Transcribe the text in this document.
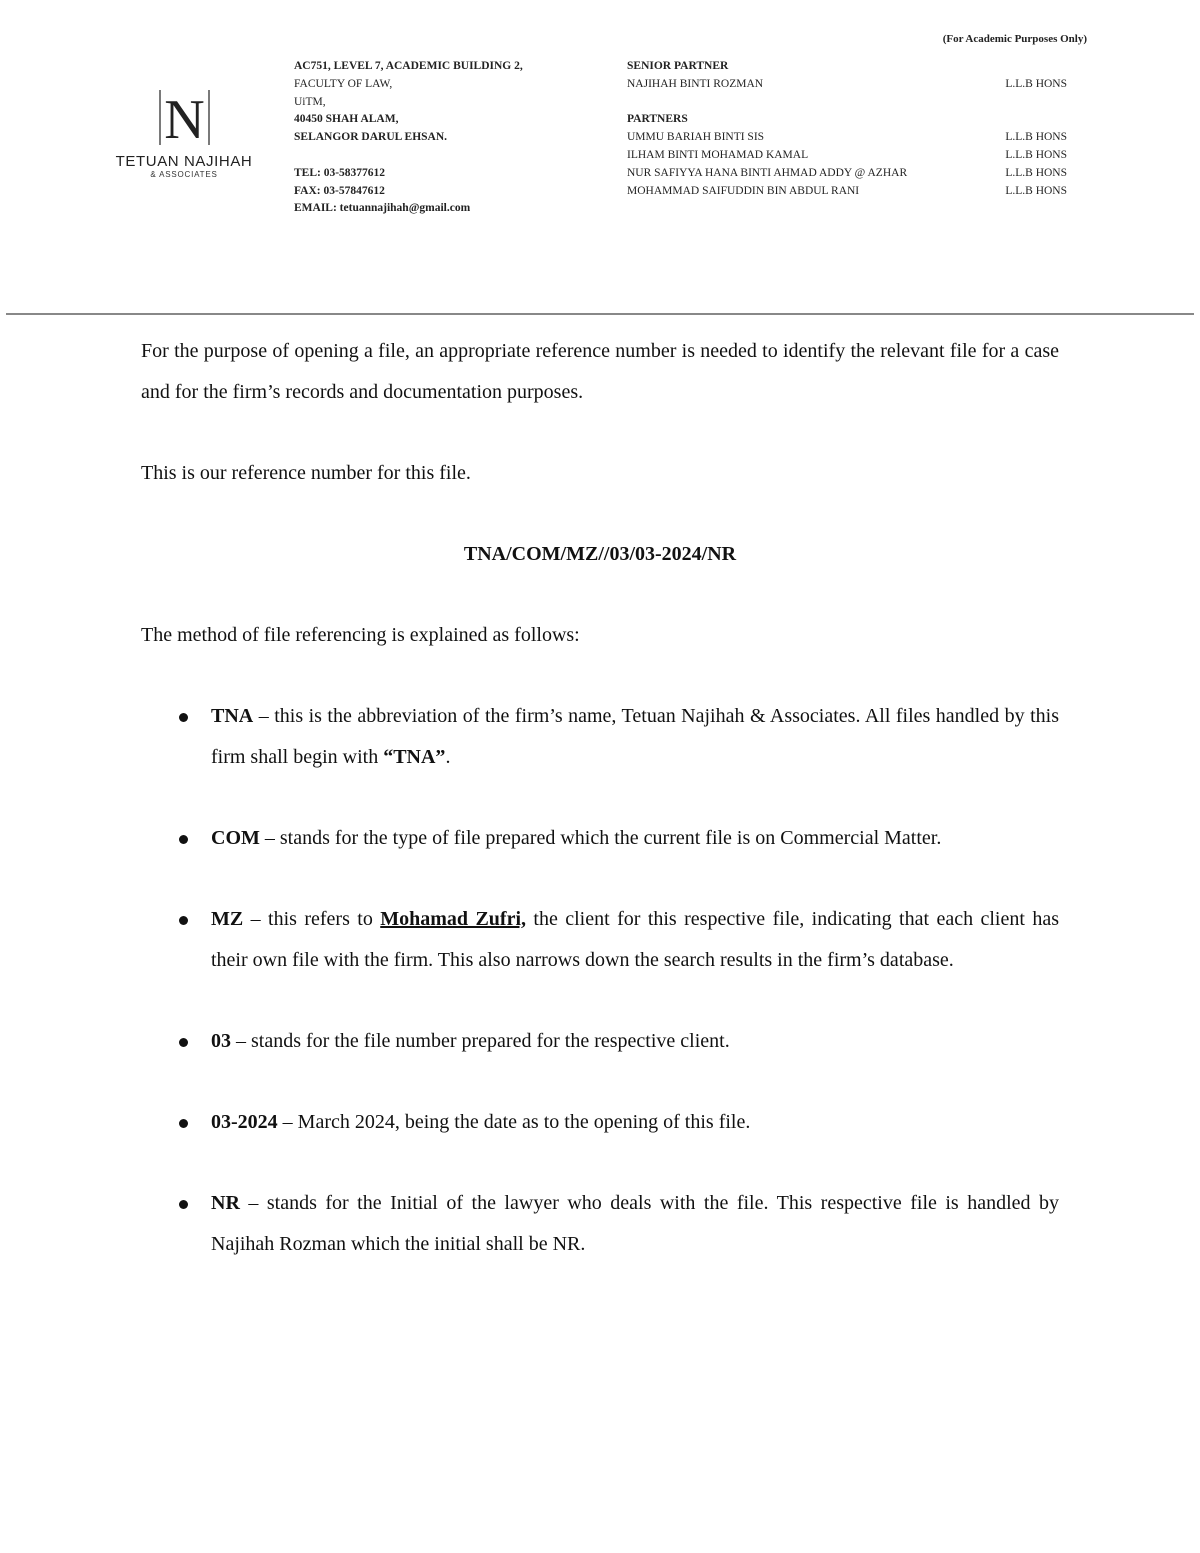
(For Academic Purposes Only)
N
TETUAN NAJIHAH
& ASSOCIATES
AC751, LEVEL 7, ACADEMIC BUILDING 2,
FACULTY OF LAW,
UiTM,
40450 SHAH ALAM,
SELANGOR DARUL EHSAN.
TEL: 03-58377612
FAX: 03-57847612
EMAIL: tetuannajihah@gmail.com
SENIOR PARTNER
NAJIHAH BINTI ROZMAN	L.L.B HONS
PARTNERS
UMMU BARIAH BINTI SIS	L.L.B HONS
ILHAM BINTI MOHAMAD KAMAL	L.L.B HONS
NUR SAFIYYA HANA BINTI AHMAD ADDY @ AZHAR	L.L.B HONS
MOHAMMAD SAIFUDDIN BIN ABDUL RANI	L.L.B HONS

For the purpose of opening a file, an appropriate reference number is needed to identify the relevant file for a case and for the firm’s records and documentation purposes.

This is our reference number for this file.

TNA/COM/MZ//03/03-2024/NR

The method of file referencing is explained as follows:

TNA – this is the abbreviation of the firm’s name, Tetuan Najihah & Associates. All files handled by this firm shall begin with “TNA”.
COM – stands for the type of file prepared which the current file is on Commercial Matter.
MZ – this refers to Mohamad Zufri, the client for this respective file, indicating that each client has their own file with the firm. This also narrows down the search results in the firm’s database.
03 – stands for the file number prepared for the respective client.
03-2024 – March 2024, being the date as to the opening of this file.
NR – stands for the Initial of the lawyer who deals with the file. This respective file is handled by Najihah Rozman which the initial shall be NR.
